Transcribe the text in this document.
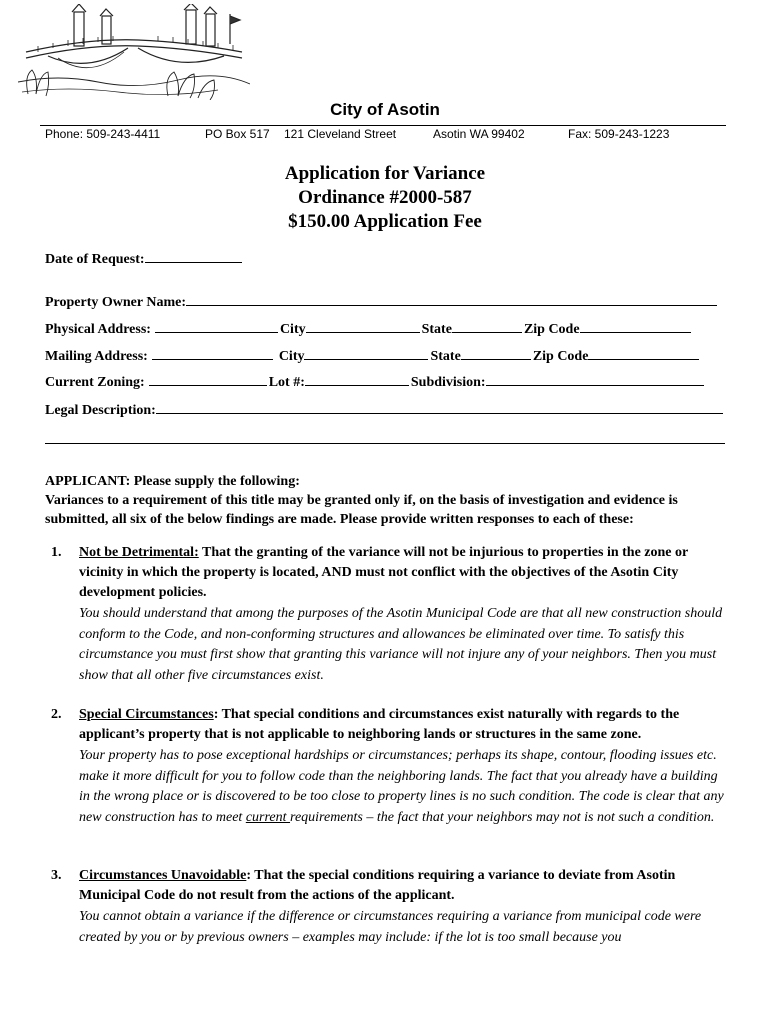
City of Asotin
Phone: 509-243-4411	PO Box 517 121 Cleveland Street	Asotin WA 99402	Fax: 509-243-1223
Application for Variance
Ordinance #2000-587
$150.00 Application Fee
Date of Request:
Property Owner Name:
Physical Address:	City	State	Zip Code
Mailing Address:	City	State	Zip Code
Current Zoning:	Lot #:	Subdivision:
Legal Description:
APPLICANT: Please supply the following:
Variances to a requirement of this title may be granted only if, on the basis of investigation and evidence is submitted, all six of the below findings are made. Please provide written responses to each of these:
1. Not be Detrimental: That the granting of the variance will not be injurious to properties in the zone or vicinity in which the property is located, AND must not conflict with the objectives of the Asotin City development policies.
You should understand that among the purposes of the Asotin Municipal Code are that all new construction should conform to the Code, and non-conforming structures and allowances be eliminated over time. To satisfy this circumstance you must first show that granting this variance will not injure any of your neighbors. Then you must show that all other five circumstances exist.
2. Special Circumstances: That special conditions and circumstances exist naturally with regards to the applicant’s property that is not applicable to neighboring lands or structures in the same zone.
Your property has to pose exceptional hardships or circumstances; perhaps its shape, contour, flooding issues etc. make it more difficult for you to follow code than the neighboring lands. The fact that you already have a building in the wrong place or is discovered to be too close to property lines is no such condition. The code is clear that any new construction has to meet current requirements – the fact that your neighbors may not is not such a condition.
3. Circumstances Unavoidable: That the special conditions requiring a variance to deviate from Asotin Municipal Code do not result from the actions of the applicant.
You cannot obtain a variance if the difference or circumstances requiring a variance from municipal code were created by you or by previous owners – examples may include: if the lot is too small because you
